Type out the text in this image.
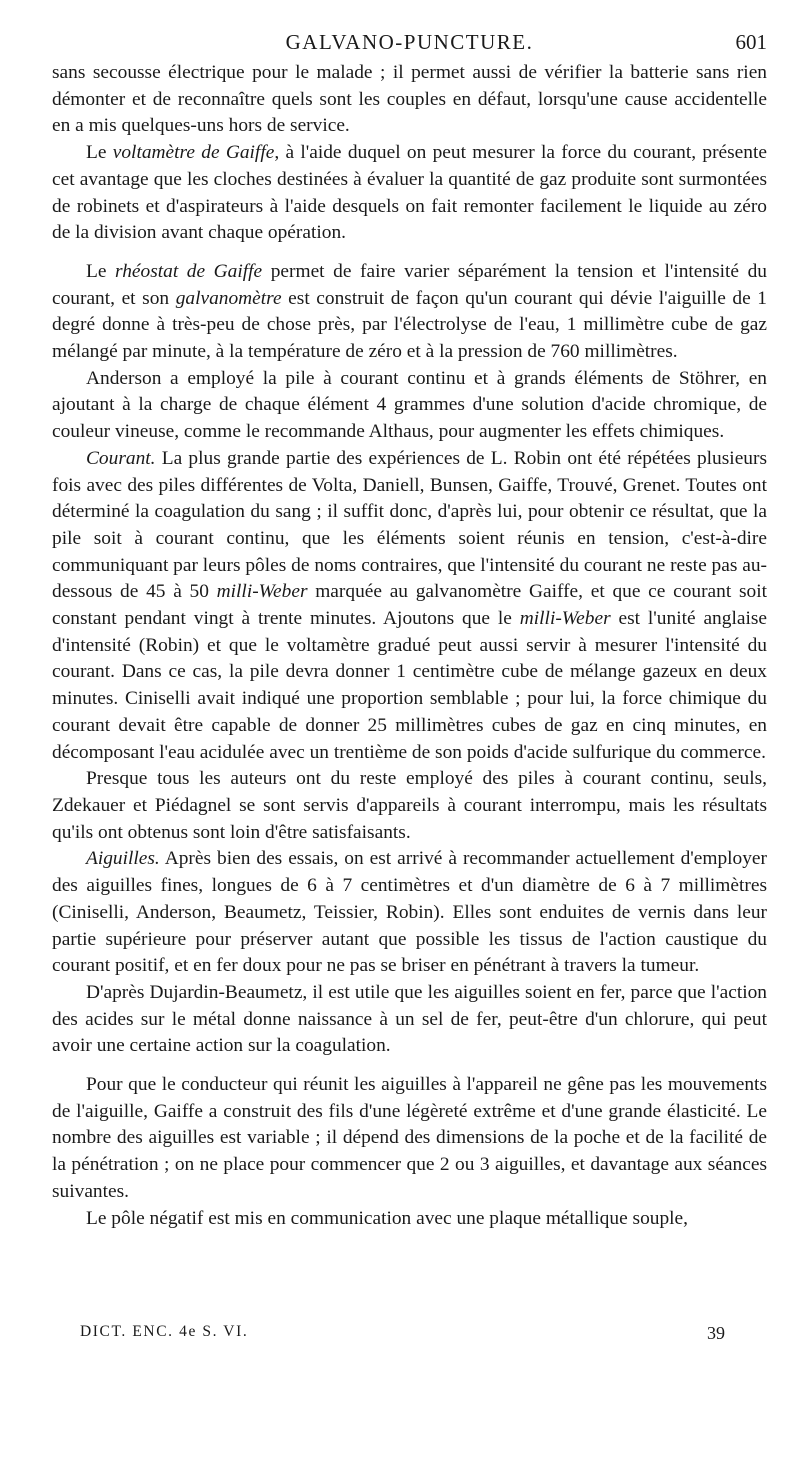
GALVANO-PUNCTURE.	601

sans secousse électrique pour le malade ; il permet aussi de vérifier la batterie sans rien démonter et de reconnaître quels sont les couples en défaut, lorsqu'une cause accidentelle en a mis quelques-uns hors de service.

Le voltamètre de Gaiffe, à l'aide duquel on peut mesurer la force du courant, présente cet avantage que les cloches destinées à évaluer la quantité de gaz produite sont surmontées de robinets et d'aspirateurs à l'aide desquels on fait remonter facilement le liquide au zéro de la division avant chaque opération.

Le rhéostat de Gaiffe permet de faire varier séparément la tension et l'intensité du courant, et son galvanomètre est construit de façon qu'un courant qui dévie l'aiguille de 1 degré donne à très-peu de chose près, par l'électrolyse de l'eau, 1 millimètre cube de gaz mélangé par minute, à la température de zéro et à la pression de 760 millimètres.

Anderson a employé la pile à courant continu et à grands éléments de Stöhrer, en ajoutant à la charge de chaque élément 4 grammes d'une solution d'acide chromique, de couleur vineuse, comme le recommande Althaus, pour augmenter les effets chimiques.

Courant. La plus grande partie des expériences de L. Robin ont été répétées plusieurs fois avec des piles différentes de Volta, Daniell, Bunsen, Gaiffe, Trouvé, Grenet. Toutes ont déterminé la coagulation du sang ; il suffit donc, d'après lui, pour obtenir ce résultat, que la pile soit à courant continu, que les éléments soient réunis en tension, c'est-à-dire communiquant par leurs pôles de noms contraires, que l'intensité du courant ne reste pas au-dessous de 45 à 50 milli-Weber marquée au galvanomètre Gaiffe, et que ce courant soit constant pendant vingt à trente minutes. Ajoutons que le milli-Weber est l'unité anglaise d'intensité (Robin) et que le voltamètre gradué peut aussi servir à mesurer l'intensité du courant. Dans ce cas, la pile devra donner 1 centimètre cube de mélange gazeux en deux minutes. Ciniselli avait indiqué une proportion semblable ; pour lui, la force chimique du courant devait être capable de donner 25 millimètres cubes de gaz en cinq minutes, en décomposant l'eau acidulée avec un trentième de son poids d'acide sulfurique du commerce.

Presque tous les auteurs ont du reste employé des piles à courant continu, seuls, Zdekauer et Piédagnel se sont servis d'appareils à courant interrompu, mais les résultats qu'ils ont obtenus sont loin d'être satisfaisants.

Aiguilles. Après bien des essais, on est arrivé à recommander actuellement d'employer des aiguilles fines, longues de 6 à 7 centimètres et d'un diamètre de 6 à 7 millimètres (Ciniselli, Anderson, Beaumetz, Teissier, Robin). Elles sont enduites de vernis dans leur partie supérieure pour préserver autant que possible les tissus de l'action caustique du courant positif, et en fer doux pour ne pas se briser en pénétrant à travers la tumeur.

D'après Dujardin-Beaumetz, il est utile que les aiguilles soient en fer, parce que l'action des acides sur le métal donne naissance à un sel de fer, peut-être d'un chlorure, qui peut avoir une certaine action sur la coagulation.

Pour que le conducteur qui réunit les aiguilles à l'appareil ne gêne pas les mouvements de l'aiguille, Gaiffe a construit des fils d'une légèreté extrême et d'une grande élasticité. Le nombre des aiguilles est variable ; il dépend des dimensions de la poche et de la facilité de la pénétration ; on ne place pour commencer que 2 ou 3 aiguilles, et davantage aux séances suivantes.

Le pôle négatif est mis en communication avec une plaque métallique souple,

DICT. ENC. 4e S. VI.	39
